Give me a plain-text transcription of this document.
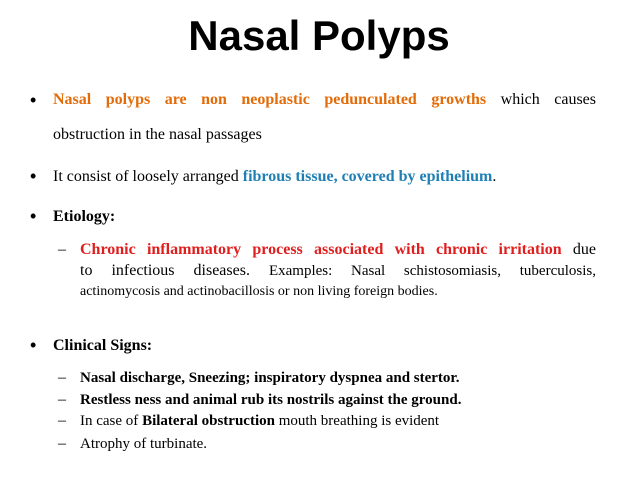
Nasal Polyps
• Nasal polyps are non neoplastic pedunculated growths which causes
obstruction in the nasal passages
• It consist of loosely arranged fibrous tissue, covered by epithelium.
• Etiology:
– Chronic inflammatory process associated with chronic irritation due
to infectious diseases. Examples: Nasal schistosomiasis, tuberculosis,
actinomycosis and actinobacillosis or non living foreign bodies.
• Clinical Signs:
– Nasal discharge, Sneezing; inspiratory dyspnea and stertor.
– Restless ness and animal rub its nostrils against the ground.
– In case of Bilateral obstruction mouth breathing is evident
– Atrophy of turbinate.
